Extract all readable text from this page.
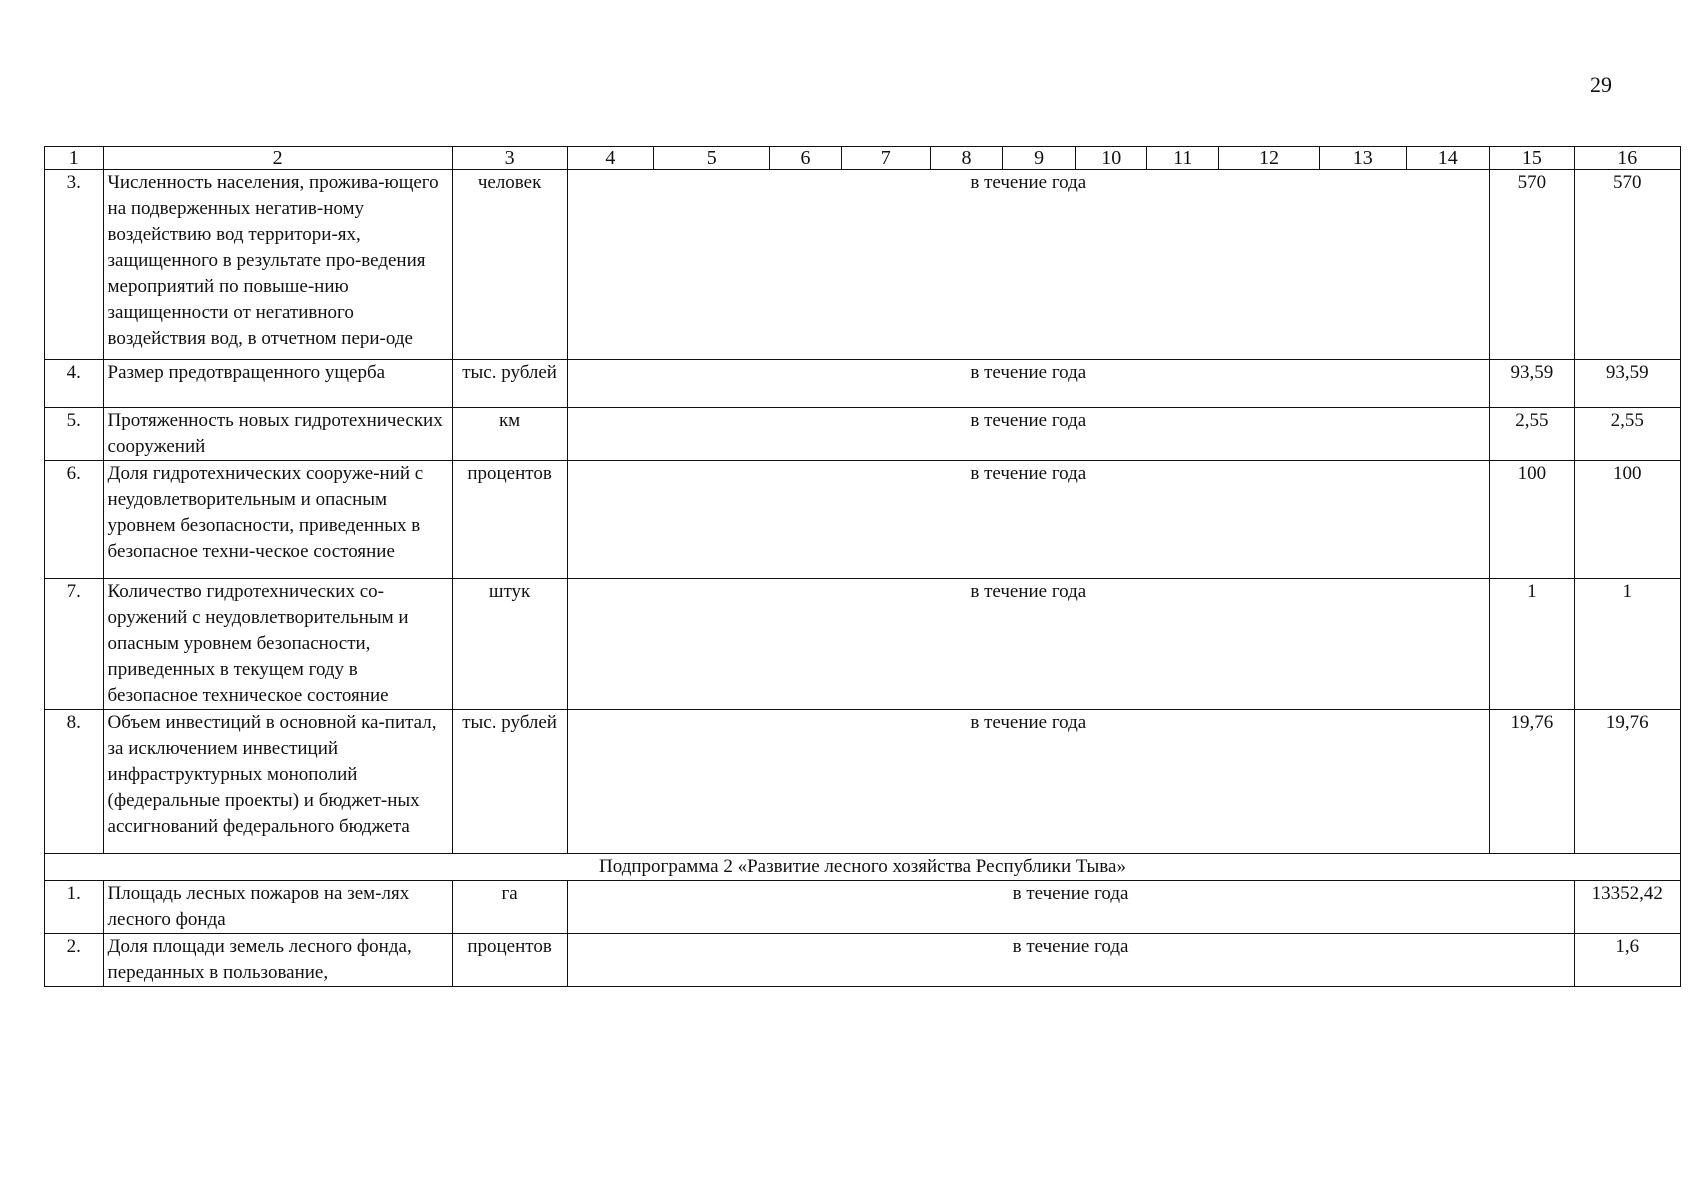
29
1	2	3	4	5	6	7	8	9	10	11	12	13	14	15	16
3.	Численность населения, прожива-ющего на подверженных негатив-ному воздействию вод территори-ях, защищенного в результате про-ведения мероприятий по повыше-нию защищенности от негативного воздействия вод, в отчетном пери-оде	человек	в течение года											570	570
4.	Размер предотвращенного ущерба	тыс. рублей	в течение года											93,59	93,59
5.	Протяженность новых гидротехнических сооружений	км	в течение года											2,55	2,55
6.	Доля гидротехнических сооруже-ний с неудовлетворительным и опасным уровнем безопасности, приведенных в безопасное техни-ческое состояние	процентов	в течение года											100	100
7.	Количество гидротехнических со-оружений с неудовлетворительным и опасным уровнем безопасности, приведенных в текущем году в безопасное техническое состояние	штук	в течение года											1	1
8.	Объем инвестиций в основной ка-питал, за исключением инвестиций инфраструктурных монополий (федеральные проекты) и бюджет-ных ассигнований федерального бюджета	тыс. рублей	в течение года											19,76	19,76
Подпрограмма 2 «Развитие лесного хозяйства Республики Тыва»															
1.	Площадь лесных пожаров на зем-лях лесного фонда	га	в течение года												13352,42
2.	Доля площади земель лесного фонда, переданных в пользование,	процентов	в течение года												1,6
